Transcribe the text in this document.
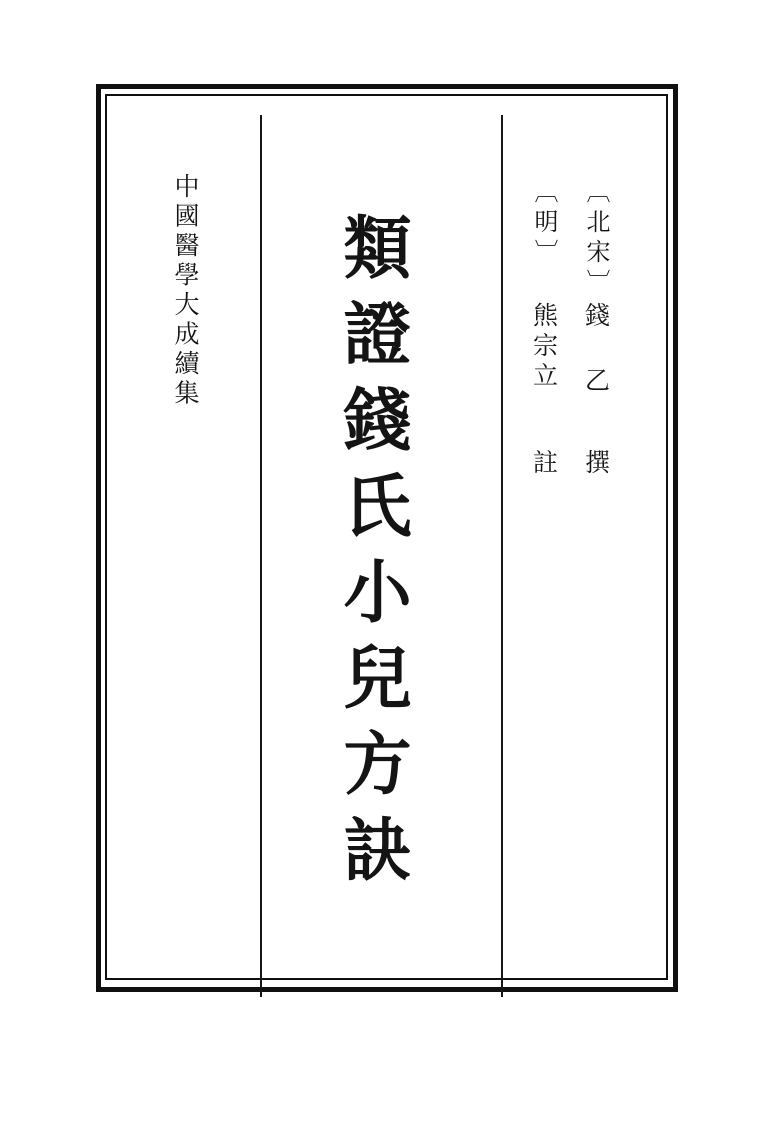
中國醫學大成續集 類證錢氏小兒方訣	〔北宋〕
錢乙
撰
〔明〕
熊宗立
註
